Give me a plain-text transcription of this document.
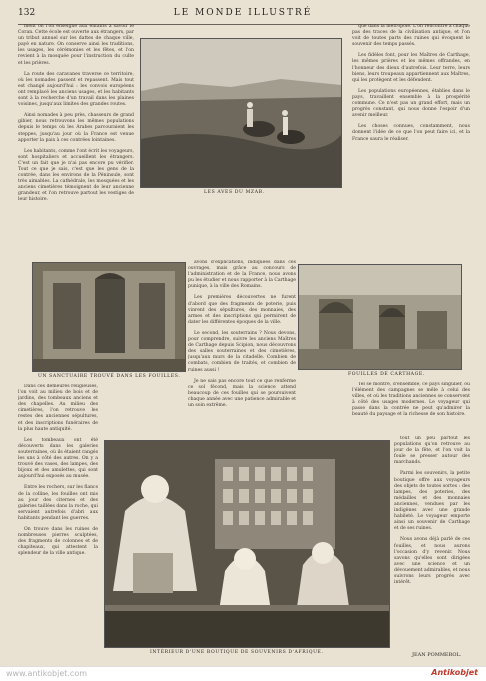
132	LE MONDE ILLUSTRÉ

ment on l'on enseigne aux enfants à savoir le Coran. Cette école est ouverte aux étrangers, par un tribut annuel sur les dattes de chaque ville, payé en nature. On conserve ainsi les traditions, les usages, les cérémonies et les fêtes, et l'on revient à la mosquée pour l'instruction du culte et les prières.

La route des caravanes traverse ce territoire, où les nomades passent et repassent. Mais tout est changé aujourd'hui : les convois européens ont remplacé les anciens usages, et les habitants sont à la recherche d'un travail dans les plaines voisines, jusqu'aux limites des grandes routes.

Ainsi nomades à peu près, chasseurs de grand gibier, nous retrouvons les mêmes populations depuis le temps où les Arabes parcouraient les steppes, jusqu'au jour où la France est venue apporter la paix à ces contrées lointaines.

Les habitants, comme l'ont écrit les voyageurs, sont hospitaliers et accueillent les étrangers. C'est un fait que je n'ai pas encore pu vérifier. Tout ce que je sais, c'est que les gens de la contrée, dans les environs de la Péninsule, sont très aimables. La cathédrale, les mosquées et les anciens cimetières témoignent de leur ancienne grandeur, et l'on retrouve partout les vestiges de leur histoire.

LES AVES DU MZAB.

que dans la métropole. L'on rencontre à chaque pas des traces de la civilisation antique, et l'on voit de toutes parts des ruines qui évoquent le souvenir des temps passés.

Les fidèles font, pour les Maîtres de Carthage, les mêmes prières et les mêmes offrandes, en l'honneur des dieux d'autrefois. Leur terre, leurs biens, leurs troupeaux appartiennent aux Maîtres, qui les protègent et les défendent.

Les populations européennes, établies dans le pays, travaillent ensemble à la prospérité commune. Ce n'est pas un grand effort, mais un progrès constant, qui nous donne l'espoir d'un avenir meilleur.

Les choses connues, constamment, nous donnent l'idée de ce que l'on peut faire ici, et la France saura le réaliser.

UN SANCTUAIRE TROUVÉ DANS LES FOUILLES.

avons d'explications, indiquées dans ces ouvrages, mais grâce au concours de l'administration et de la France, nous avons pu les étudier et nous rapporter à la Carthage punique, à la ville des Romains.

Les premières découvertes ne furent d'abord que des fragments de poterie, puis vinrent des sépultures, des monnaies, des armes et des inscriptions qui permirent de dater les différentes époques de la ville.

Le second, les souterrains ? Nous devons, pour comprendre, suivre les anciens Maîtres de Carthage depuis Scipion, nous découvrons des salles souterraines et des cimetières, jusqu'aux murs de la citadelle. Combien de combats, combien de traités, et combien de ruines aussi !

Je ne sais pas encore tout ce que renferme ce sol fécond, mais la science attend beaucoup de ces fouilles qui se poursuivent chaque année avec une patience admirable et un soin extrême.

FOUILLES DE CARTHAGE.

Tel se montre, d'ensemble, ce pays singulier, où l'élément des campagnes se mêle à celui des villes, et où les traditions anciennes se conservent à côté des usages modernes. Le voyageur qui passe dans la contrée ne peut qu'admirer la beauté du paysage et la richesse de son histoire.

Dans ces demeures religieuses, l'on voit au milieu de bois et de jardins, des tombeaux anciens et des chapelles. Au milieu des cimetières, l'on retrouve les restes des anciennes sépultures, et des inscriptions funéraires de la plus haute antiquité.

Les tombeaux ont été découverts dans les galeries souterraines, où ils étaient rangés les uns à côté des autres. On y a trouvé des vases, des lampes, des bijoux et des amulettes, qui sont aujourd'hui exposés au musée.

Entre les rochers, sur les flancs de la colline, les fouilles ont mis au jour des citernes et des galeries taillées dans la roche, qui servaient autrefois d'abri aux habitants pendant les guerres.

On trouve dans les ruines de nombreuses pierres sculptées, des fragments de colonnes et de chapiteaux, qui attestent la splendeur de la ville antique.

INTÉRIEUR D'UNE BOUTIQUE DE SOUVENIRS D'AFRIQUE.

tout un peu partout les populations qu'on retrouve au jour de la fête, et l'on voit la foule se presser autour des marchands.

Parmi les souvenirs, la petite boutique offre aux voyageurs des objets de toutes sortes : des lampes, des poteries, des médailles et des monnaies anciennes, vendues par les indigènes avec une grande habileté. Le voyageur emporte ainsi un souvenir de Carthage et de ses ruines.

Nous avons déjà parlé de ces fouilles, et nous aurons l'occasion d'y revenir. Nous savons qu'elles sont dirigées avec une science et un dévouement admirables, et nous suivrons leurs progrès avec intérêt.

JEAN POMMEROL.
www.antikobjet.com	Antikobjet
